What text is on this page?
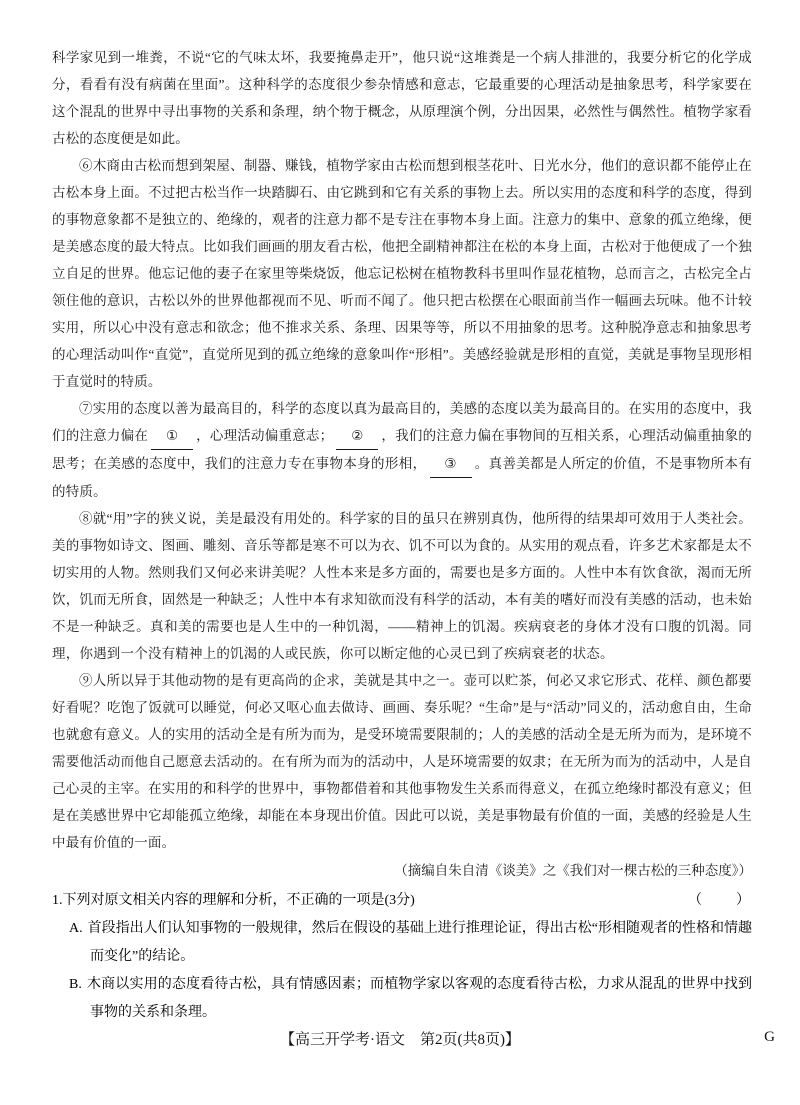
科学家见到一堆粪，不说“它的气味太坏，我要掩鼻走开”，他只说“这堆粪是一个病人排泄的，我要分析它的化学成分，看看有没有病菌在里面”。这种科学的态度很少参杂情感和意志，它最重要的心理活动是抽象思考，科学家要在这个混乱的世界中寻出事物的关系和条理，纳个物于概念，从原理演个例，分出因果，必然性与偶然性。植物学家看古松的态度便是如此。

⑥木商由古松而想到架屋、制器、赚钱，植物学家由古松而想到根茎花叶、日光水分，他们的意识都不能停止在古松本身上面。不过把古松当作一块踏脚石、由它跳到和它有关系的事物上去。所以实用的态度和科学的态度，得到的事物意象都不是独立的、绝缘的，观者的注意力都不是专注在事物本身上面。注意力的集中、意象的孤立绝缘，便是美感态度的最大特点。比如我们画画的朋友看古松，他把全副精神都注在松的本身上面，古松对于他便成了一个独立自足的世界。他忘记他的妻子在家里等柴烧饭，他忘记松树在植物教科书里叫作显花植物，总而言之，古松完全占领住他的意识，古松以外的世界他都视而不见、听而不闻了。他只把古松摆在心眼面前当作一幅画去玩味。他不计较实用，所以心中没有意志和欲念；他不推求关系、条理、因果等等，所以不用抽象的思考。这种脱净意志和抽象思考的心理活动叫作“直觉”，直觉所见到的孤立绝缘的意象叫作“形相”。美感经验就是形相的直觉，美就是事物呈现形相于直觉时的特质。

⑦实用的态度以善为最高目的，科学的态度以真为最高目的，美感的态度以美为最高目的。在实用的态度中，我们的注意力偏在 ① ，心理活动偏重意志； ② ，我们的注意力偏在事物间的互相关系，心理活动偏重抽象的思考；在美感的态度中，我们的注意力专在事物本身的形相， ③ 。真善美都是人所定的价值，不是事物所本有的特质。

⑧就“用”字的狭义说，美是最没有用处的。科学家的目的虽只在辨别真伪，他所得的结果却可效用于人类社会。美的事物如诗文、图画、雕刻、音乐等都是寒不可以为衣、饥不可以为食的。从实用的观点看，许多艺术家都是太不切实用的人物。然则我们又何必来讲美呢？人性本来是多方面的，需要也是多方面的。人性中本有饮食欲，渴而无所饮，饥而无所食，固然是一种缺乏；人性中本有求知欲而没有科学的活动，本有美的嗜好而没有美感的活动，也未始不是一种缺乏。真和美的需要也是人生中的一种饥渴，——精神上的饥渴。疾病衰老的身体才没有口腹的饥渴。同理，你遇到一个没有精神上的饥渴的人或民族，你可以断定他的心灵已到了疾病衰老的状态。

⑨人所以异于其他动物的是有更高尚的企求，美就是其中之一。壶可以贮茶，何必又求它形式、花样、颜色都要好看呢？吃饱了饭就可以睡觉，何必又呕心血去做诗、画画、奏乐呢？“生命”是与“活动”同义的，活动愈自由，生命也就愈有意义。人的实用的活动全是有所为而为，是受环境需要限制的；人的美感的活动全是无所为而为，是环境不需要他活动而他自己愿意去活动的。在有所为而为的活动中，人是环境需要的奴隶；在无所为而为的活动中，人是自己心灵的主宰。在实用的和科学的世界中，事物都借着和其他事物发生关系而得意义，在孤立绝缘时都没有意义；但是在美感世界中它却能孤立绝缘，却能在本身现出价值。因此可以说，美是事物最有价值的一面，美感的经验是人生中最有价值的一面。

（摘编自朱自清《谈美》之《我们对一棵古松的三种态度》）

1.下列对原文相关内容的理解和分析，不正确的一项是(3分)	（　　）

A. 首段指出人们认知事物的一般规律，然后在假设的基础上进行推理论证，得出古松“形相随观者的性格和情趣而变化”的结论。

B. 木商以实用的态度看待古松，具有情感因素；而植物学家以客观的态度看待古松，力求从混乱的世界中找到事物的关系和条理。

【高三开学考·语文　第2页(共8页)】	G
